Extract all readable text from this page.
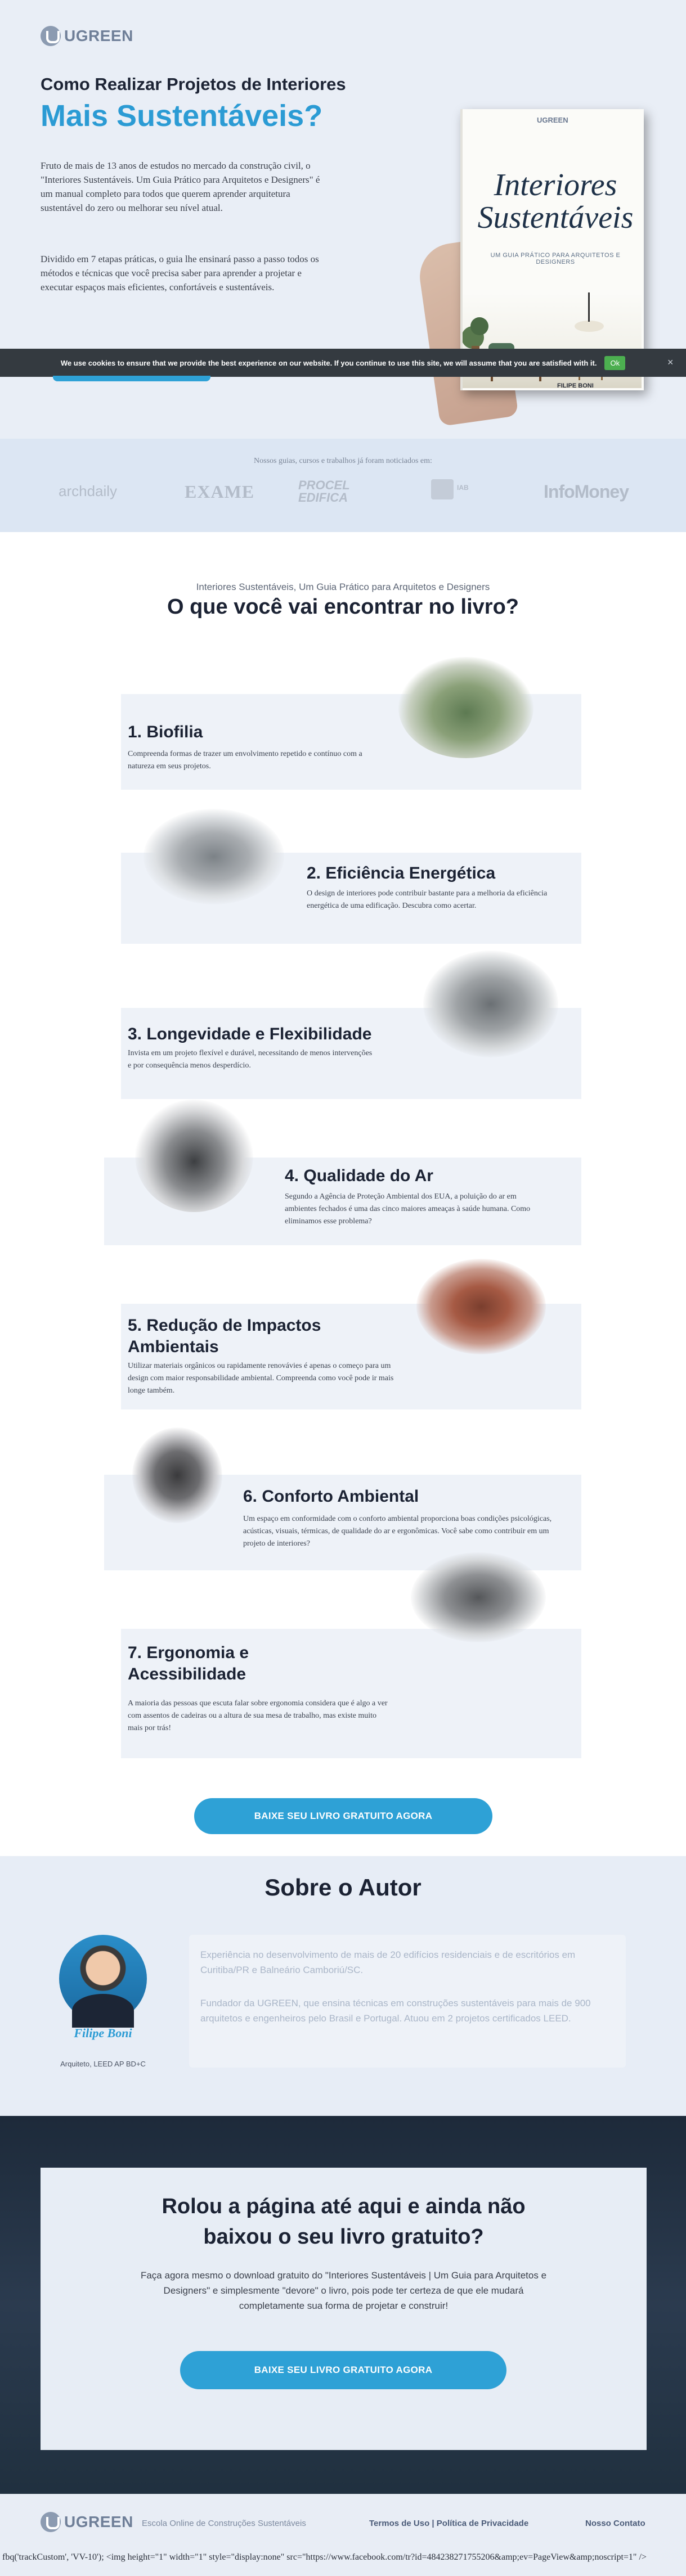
UGREEN
Como Realizar Projetos de Interiores
Mais Sustentáveis?

Fruto de mais de 13 anos de estudos no mercado da construção civil, o "Interiores Sustentáveis. Um Guia Prático para Arquitetos e Designers" é um manual completo para todos que querem aprender arquitetura sustentável do zero ou melhorar seu nível atual.

Dividido em 7 etapas práticas, o guia lhe ensinará passo a passo todos os métodos e técnicas que você precisa saber para aprender a projetar e executar espaços mais eficientes, confortáveis e sustentáveis.

UGREEN
Interiores Sustentáveis
UM GUIA PRÁTICO PARA ARQUITETOS E DESIGNERS
FILIPE BONI
We use cookies to ensure that we provide the best experience on our website. If you continue to use this site, we will assume that you are satisfied with it.	Ok	×
Nossos guias, cursos e trabalhos já foram noticiados em:
archdaily	EXAME	PROCEL EDIFICA
IAB	InfoMoney
Interiores Sustentáveis, Um Guia Prático para Arquitetos e Designers
O que você vai encontrar no livro?
1. Biofilia
Compreenda formas de trazer um envolvimento repetido e contínuo com a natureza em seus projetos.
2. Eficiência Energética
O design de interiores pode contribuir bastante para a melhoria da eficiência energética de uma edificação. Descubra como acertar.
3. Longevidade e Flexibilidade
Invista em um projeto flexível e durável, necessitando de menos intervenções e por consequência menos desperdício.
4. Qualidade do Ar
Segundo a Agência de Proteção Ambiental dos EUA, a poluição do ar em ambientes fechados é uma das cinco maiores ameaças à saúde humana. Como eliminamos esse problema?
5. Redução de Impactos Ambientais
Utilizar materiais orgânicos ou rapidamente renovávies é apenas o começo para um design com maior responsabilidade ambiental. Compreenda como você pode ir mais longe também.
6. Conforto Ambiental
Um espaço em conformidade com o conforto ambiental proporciona boas condições psicológicas, acústicas, visuais, térmicas, de qualidade do ar e ergonômicas. Você sabe como contribuir em um projeto de interiores?
7. Ergonomia e Acessibilidade
A maioria das pessoas que escuta falar sobre ergonomia considera que é algo a ver com assentos de cadeiras ou a altura de sua mesa de trabalho, mas existe muito mais por trás!
BAIXE SEU LIVRO GRATUITO AGORA
Sobre o Autor
Filipe Boni
Arquiteto, LEED AP BD+C

Experiência no desenvolvimento de mais de 20 edifícios residenciais e de escritórios em Curitiba/PR e Balneário Camboriú/SC.

Fundador da UGREEN, que ensina técnicas em construções sustentáveis para mais de 900 arquitetos e engenheiros pelo Brasil e Portugal. Atuou em 2 projetos certificados LEED.

Rolou a página até aqui e ainda não baixou o seu livro gratuito?

Faça agora mesmo o download gratuito do "Interiores Sustentáveis | Um Guia para Arquitetos e Designers" e simplesmente "devore" o livro, pois pode ter certeza de que ele mudará completamente sua forma de projetar e construir!

BAIXE SEU LIVRO GRATUITO AGORA
UGREEN Escola Online de Construções Sustentáveis	Termos de Uso | Política de Privacidade	Nosso Contato
fbq('trackCustom', 'VV-10'); <img height="1" width="1" style="display:none" src="https://www.facebook.com/tr?id=484238271755206&amp;ev=PageView&amp;noscript=1" />
